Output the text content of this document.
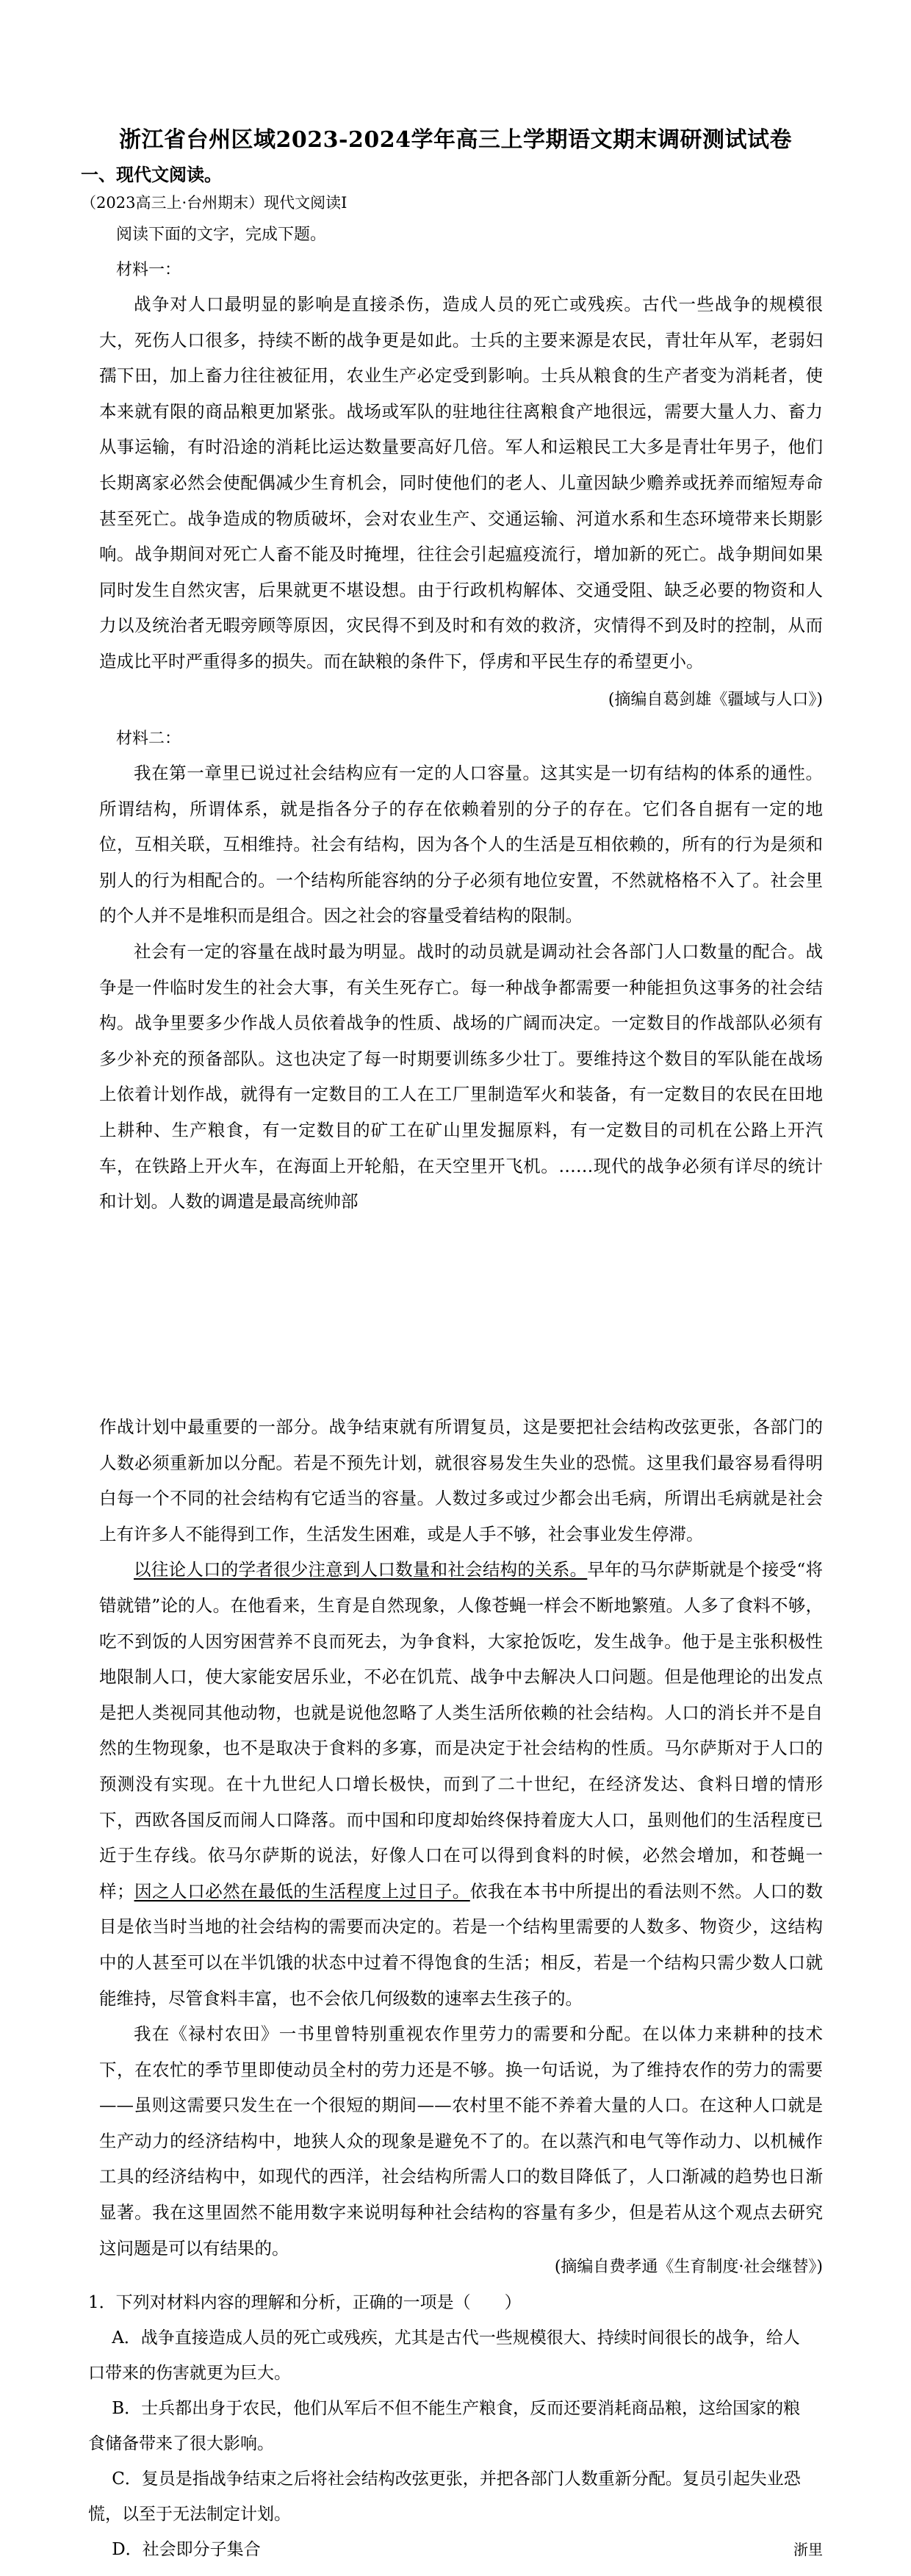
浙江省台州区域2023-2024学年高三上学期语文期末调研测试试卷
一、现代文阅读。
（2023高三上·台州期末）现代文阅读Ⅰ
阅读下面的文字，完成下题。
材料一：

战争对人口最明显的影响是直接杀伤，造成人员的死亡或残疾。古代一些战争的规模很大，死伤人口很多，持续不断的战争更是如此。士兵的主要来源是农民，青壮年从军，老弱妇孺下田，加上畜力往往被征用，农业生产必定受到影响。士兵从粮食的生产者变为消耗者，使本来就有限的商品粮更加紧张。战场或军队的驻地往往离粮食产地很远，需要大量人力、畜力从事运输，有时沿途的消耗比运达数量要高好几倍。军人和运粮民工大多是青壮年男子，他们长期离家必然会使配偶减少生育机会，同时使他们的老人、儿童因缺少赡养或抚养而缩短寿命甚至死亡。战争造成的物质破坏，会对农业生产、交通运输、河道水系和生态环境带来长期影响。战争期间对死亡人畜不能及时掩埋，往往会引起瘟疫流行，增加新的死亡。战争期间如果同时发生自然灾害，后果就更不堪设想。由于行政机构解体、交通受阻、缺乏必要的物资和人力以及统治者无暇旁顾等原因，灾民得不到及时和有效的救济，灾情得不到及时的控制，从而造成比平时严重得多的损失。而在缺粮的条件下，俘虏和平民生存的希望更小。

(摘编自葛剑雄《疆域与人口》)
材料二：

我在第一章里已说过社会结构应有一定的人口容量。这其实是一切有结构的体系的通性。所谓结构，所谓体系，就是指各分子的存在依赖着别的分子的存在。它们各自据有一定的地位，互相关联，互相维持。社会有结构，因为各个人的生活是互相依赖的，所有的行为是须和别人的行为相配合的。一个结构所能容纳的分子必须有地位安置，不然就格格不入了。社会里的个人并不是堆积而是组合。因之社会的容量受着结构的限制。

社会有一定的容量在战时最为明显。战时的动员就是调动社会各部门人口数量的配合。战争是一件临时发生的社会大事，有关生死存亡。每一种战争都需要一种能担负这事务的社会结构。战争里要多少作战人员依着战争的性质、战场的广阔而决定。一定数目的作战部队必须有多少补充的预备部队。这也决定了每一时期要训练多少壮丁。要维持这个数目的军队能在战场上依着计划作战，就得有一定数目的工人在工厂里制造军火和装备，有一定数目的农民在田地上耕种、生产粮食，有一定数目的矿工在矿山里发掘原料，有一定数目的司机在公路上开汽车，在铁路上开火车，在海面上开轮船，在天空里开飞机。……现代的战争必须有详尽的统计和计划。人数的调遣是最高统帅部

作战计划中最重要的一部分。战争结束就有所谓复员，这是要把社会结构改弦更张，各部门的人数必须重新加以分配。若是不预先计划，就很容易发生失业的恐慌。这里我们最容易看得明白每一个不同的社会结构有它适当的容量。人数过多或过少都会出毛病，所谓出毛病就是社会上有许多人不能得到工作，生活发生困难，或是人手不够，社会事业发生停滞。

以往论人口的学者很少注意到人口数量和社会结构的关系。早年的马尔萨斯就是个接受“将错就错”论的人。在他看来，生育是自然现象，人像苍蝇一样会不断地繁殖。人多了食料不够，吃不到饭的人因穷困营养不良而死去，为争食料，大家抢饭吃，发生战争。他于是主张积极性地限制人口，使大家能安居乐业，不必在饥荒、战争中去解决人口问题。但是他理论的出发点是把人类视同其他动物，也就是说他忽略了人类生活所依赖的社会结构。人口的消长并不是自然的生物现象，也不是取决于食料的多寡，而是决定于社会结构的性质。马尔萨斯对于人口的预测没有实现。在十九世纪人口增长极快，而到了二十世纪，在经济发达、食料日增的情形下，西欧各国反而闹人口降落。而中国和印度却始终保持着庞大人口，虽则他们的生活程度已近于生存线。依马尔萨斯的说法，好像人口在可以得到食料的时候，必然会增加，和苍蝇一样；因之人口必然在最低的生活程度上过日子。依我在本书中所提出的看法则不然。人口的数目是依当时当地的社会结构的需要而决定的。若是一个结构里需要的人数多、物资少，这结构中的人甚至可以在半饥饿的状态中过着不得饱食的生活；相反，若是一个结构只需少数人口就能维持，尽管食料丰富，也不会依几何级数的速率去生孩子的。

我在《禄村农田》一书里曾特别重视农作里劳力的需要和分配。在以体力来耕种的技术下，在农忙的季节里即使动员全村的劳力还是不够。换一句话说，为了维持农作的劳力的需要——虽则这需要只发生在一个很短的期间——农村里不能不养着大量的人口。在这种人口就是生产动力的经济结构中，地狭人众的现象是避免不了的。在以蒸汽和电气等作动力、以机械作工具的经济结构中，如现代的西洋，社会结构所需人口的数目降低了，人口渐减的趋势也日渐显著。我在这里固然不能用数字来说明每种社会结构的容量有多少，但是若从这个观点去研究这问题是可以有结果的。

(摘编自费孝通《生育制度·社会继替》)

1．下列对材料内容的理解和分析，正确的一项是（　　）

A．战争直接造成人员的死亡或残疾，尤其是古代一些规模很大、持续时间很长的战争，给人口带来的伤害就更为巨大。

B．士兵都出身于农民，他们从军后不但不能生产粮食，反而还要消耗商品粮，这给国家的粮食储备带来了很大影响。

C．复员是指战争结束之后将社会结构改弦更张，并把各部门人数重新分配。复员引起失业恐慌，以至于无法制定计划。

D．社会即分子集合	浙里
